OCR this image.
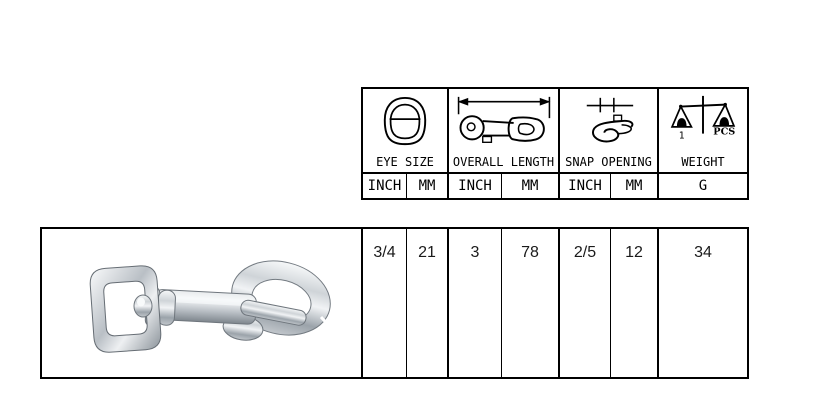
EYE SIZE OVERALL LENGTH SNAP OPENING
1	PCS
WEIGHT
INCH	MM	INCH	MM	INCH	MM	G
3/4	21	3	78	2/5	12	34
